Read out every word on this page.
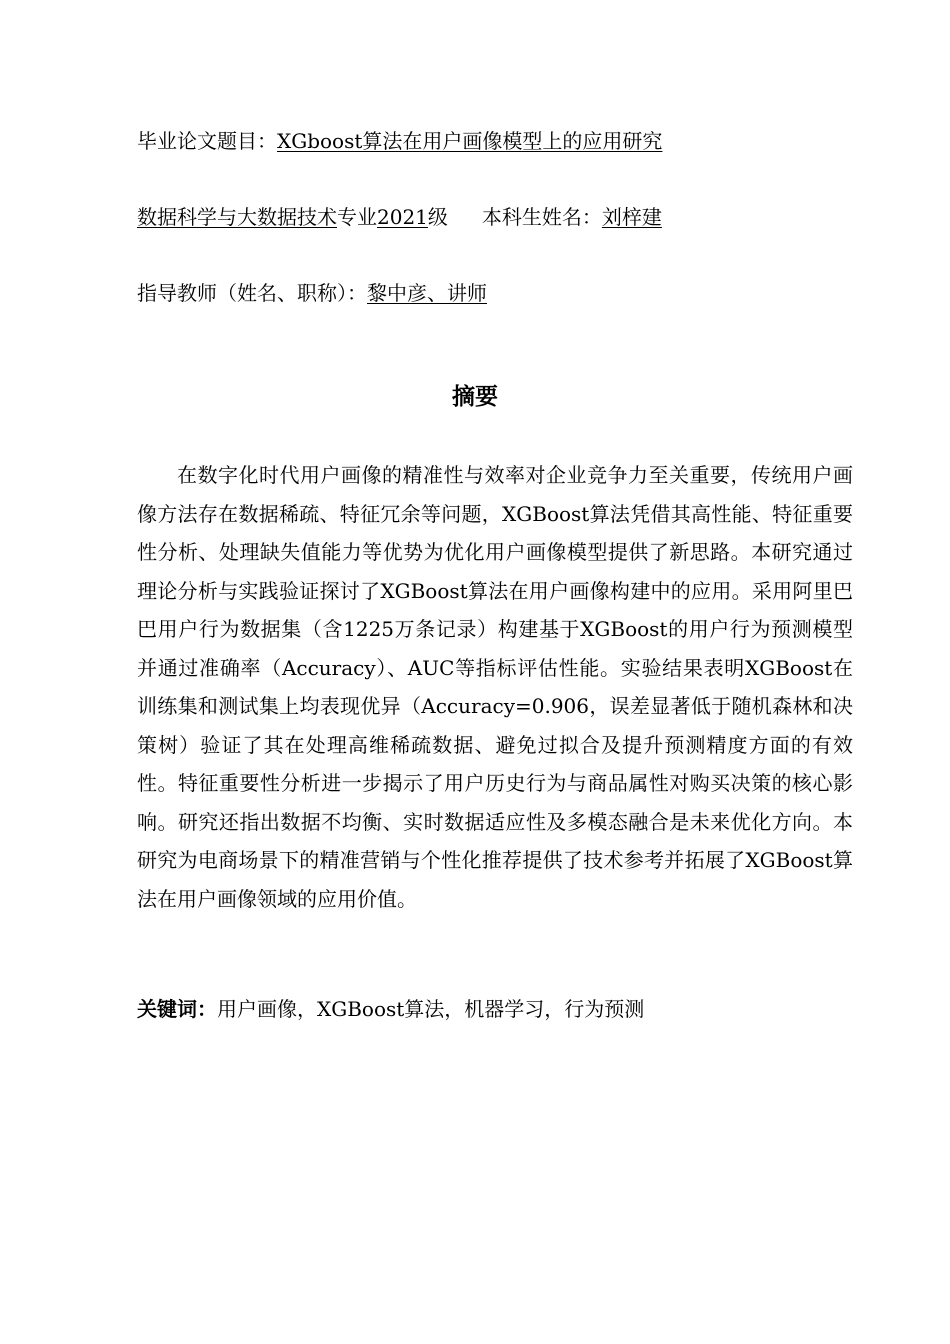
毕业论文题目：XGboost算法在用户画像模型上的应用研究
数据科学与大数据技术专业2021级 本科生姓名：刘梓建
指导教师（姓名、职称）：黎中彦、讲师
摘要

在数字化时代用户画像的精准性与效率对企业竞争力至关重要，传统用户画像方法存在数据稀疏、特征冗余等问题，XGBoost算法凭借其高性能、特征重要性分析、处理缺失值能力等优势为优化用户画像模型提供了新思路。本研究通过理论分析与实践验证探讨了XGBoost算法在用户画像构建中的应用。采用阿里巴巴用户行为数据集（含1225万条记录）构建基于XGBoost的用户行为预测模型并通过准确率（Accuracy）、AUC等指标评估性能。实验结果表明XGBoost在训练集和测试集上均表现优异（Accuracy=0.906，误差显著低于随机森林和决策树）验证了其在处理高维稀疏数据、避免过拟合及提升预测精度方面的有效性。特征重要性分析进一步揭示了用户历史行为与商品属性对购买决策的核心影响。研究还指出数据不均衡、实时数据适应性及多模态融合是未来优化方向。本研究为电商场景下的精准营销与个性化推荐提供了技术参考并拓展了XGBoost算法在用户画像领域的应用价值。

关键词：用户画像，XGBoost算法，机器学习，行为预测
